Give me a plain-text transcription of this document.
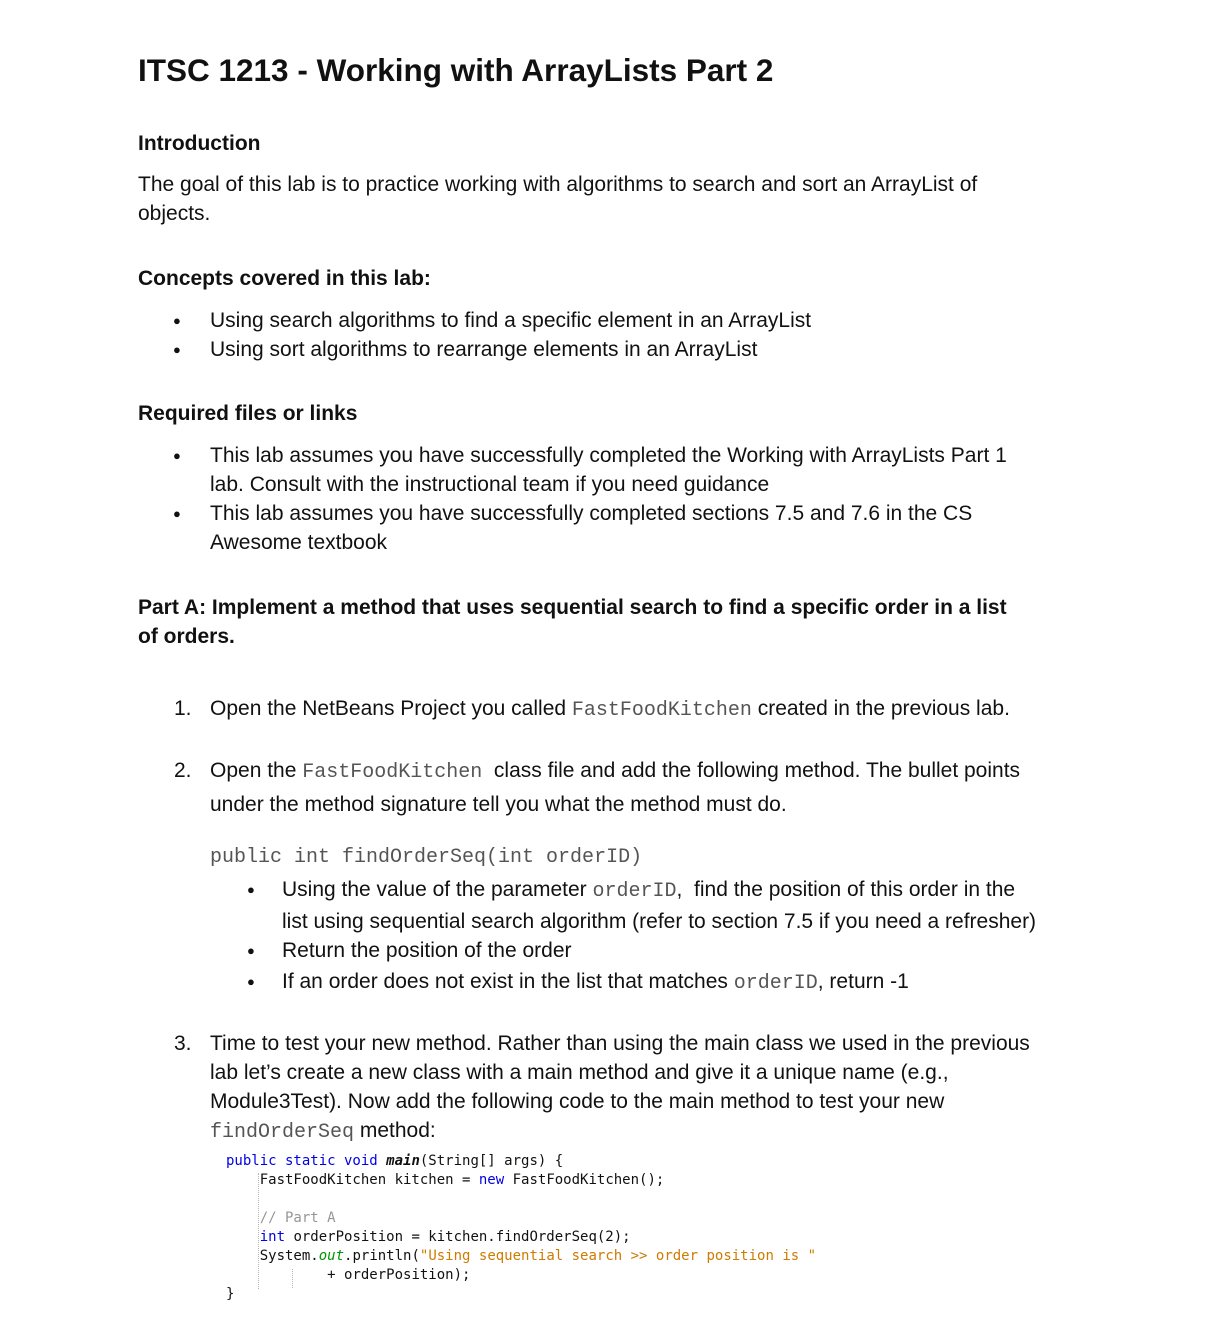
ITSC 1213 - Working with ArrayLists Part 2
Introduction
The goal of this lab is to practice working with algorithms to search and sort an ArrayList of
objects.
Concepts covered in this lab:
● Using search algorithms to find a specific element in an ArrayList
● Using sort algorithms to rearrange elements in an ArrayList
Required files or links
● This lab assumes you have successfully completed the Working with ArrayLists Part 1
lab. Consult with the instructional team if you need guidance
● This lab assumes you have successfully completed sections 7.5 and 7.6 in the CS
Awesome textbook
Part A: Implement a method that uses sequential search to find a specific order in a list
of orders.
1. Open the NetBeans Project you called FastFoodKitchen created in the previous lab.
2. Open the FastFoodKitchen  class file and add the following method. The bullet points
under the method signature tell you what the method must do.
public int findOrderSeq(int orderID)
● Using the value of the parameter orderID,  find the position of this order in the
list using sequential search algorithm (refer to section 7.5 if you need a refresher)
● Return the position of the order
● If an order does not exist in the list that matches orderID, return -1
3. Time to test your new method. Rather than using the main class we used in the previous
lab let’s create a new class with a main method and give it a unique name (e.g.,
Module3Test). Now add the following code to the main method to test your new
findOrderSeq method:
public static void main(String[] args) {
FastFoodKitchen kitchen = new FastFoodKitchen();

// Part A
int orderPosition = kitchen.findOrderSeq(2);
System.out.println("Using sequential search >> order position is "
+ orderPosition);
}
